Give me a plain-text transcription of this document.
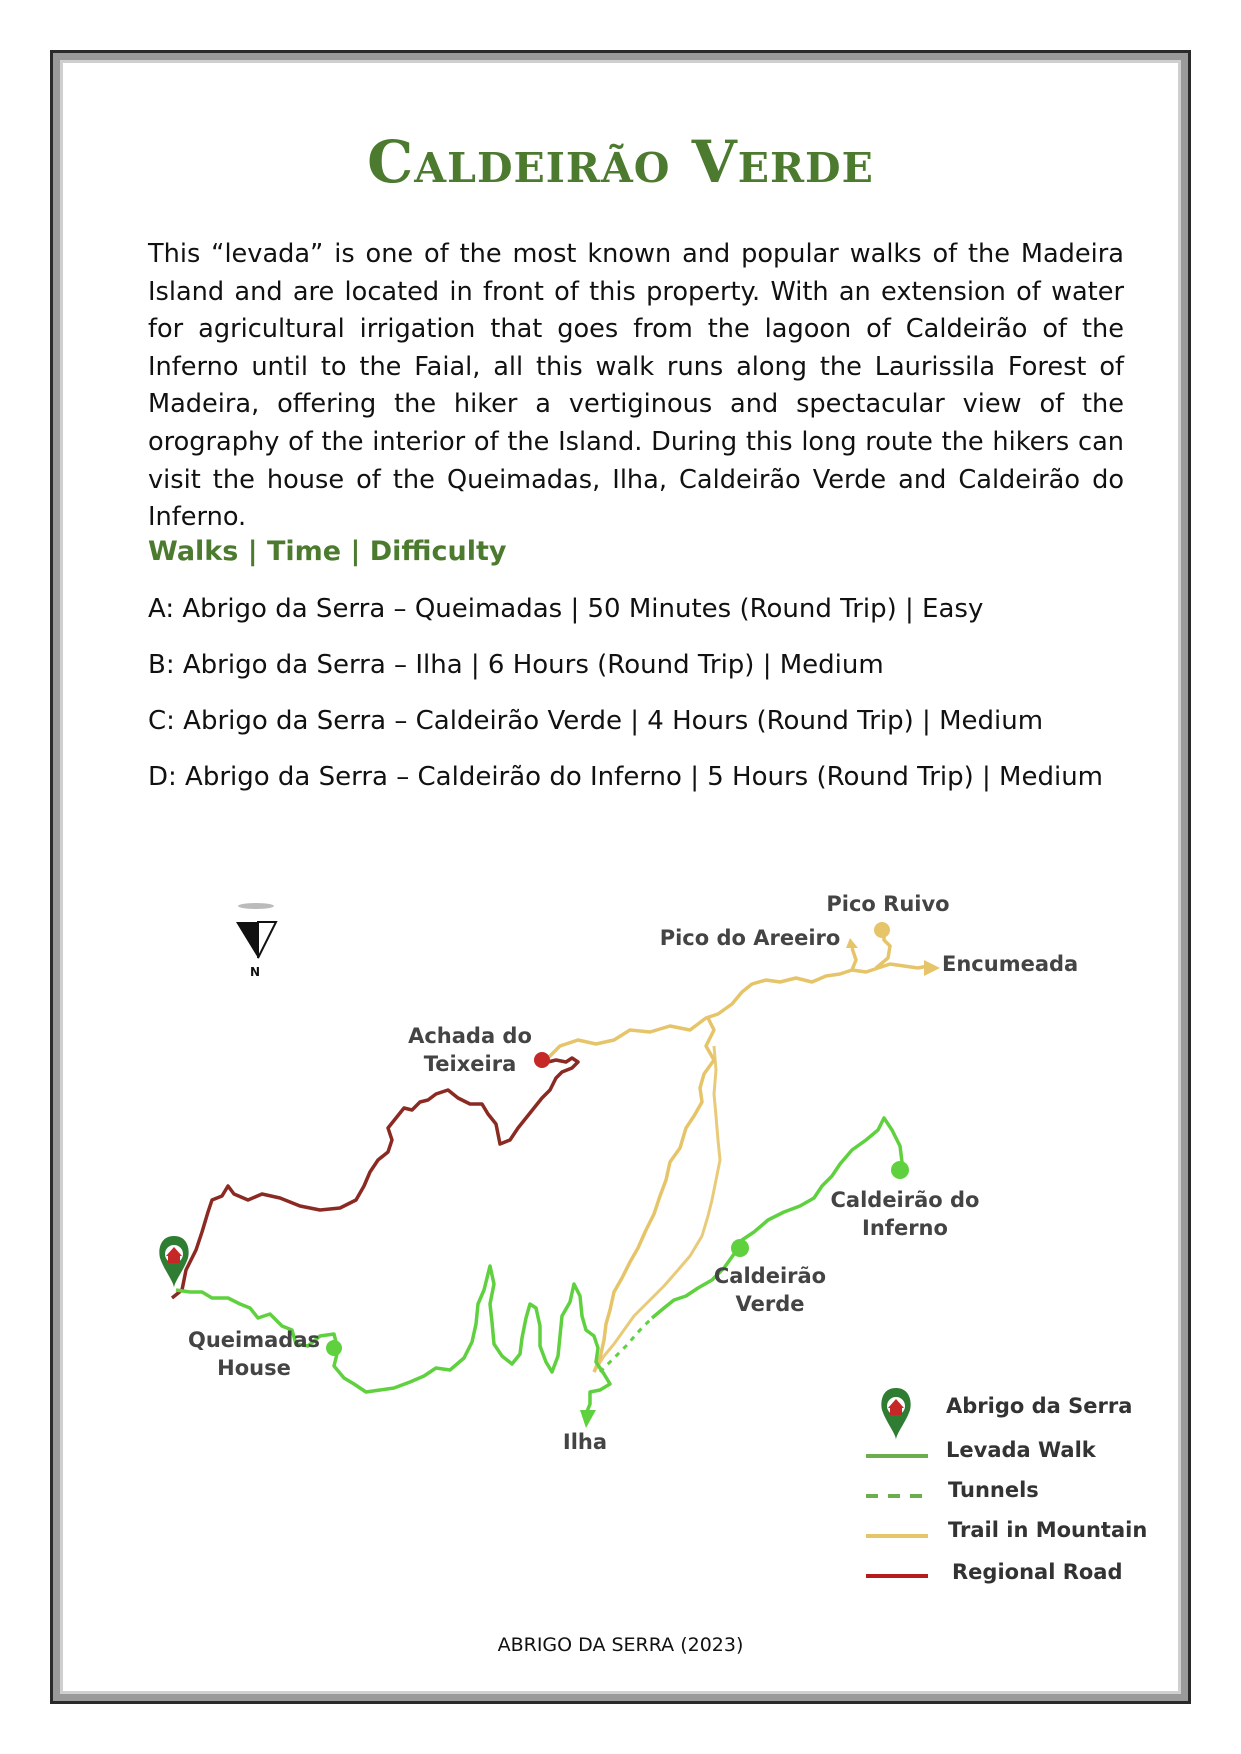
Caldeirão Verde

This “levada” is one of the most known and popular walks of the Madeira Island and are located in front of this property. With an extension of water for agricultural irrigation that goes from the lagoon of Caldeirão of the Inferno until to the Faial, all this walk runs along the Laurissila Forest of Madeira, offering the hiker a vertiginous and spectacular view of the orography of the interior of the Island. During this long route the hikers can visit the house of the Queimadas, Ilha, Caldeirão Verde and Caldeirão do Inferno.

Walks | Time | Difficulty
A: Abrigo da Serra – Queimadas | 50 Minutes (Round Trip) | Easy
B: Abrigo da Serra – Ilha | 6 Hours (Round Trip) | Medium
C: Abrigo da Serra – Caldeirão Verde | 4 Hours (Round Trip) | Medium
D: Abrigo da Serra – Caldeirão do Inferno | 5 Hours (Round Trip) | Medium
N
Pico Ruivo
Pico do Areeiro
Encumeada
Achada do
Teixeira
Caldeirão do
Inferno
Caldeirão
Verde
Queimadas
House
Ilha
Abrigo da Serra
Levada Walk
Tunnels
Trail in Mountain
Regional Road
ABRIGO DA SERRA (2023)
